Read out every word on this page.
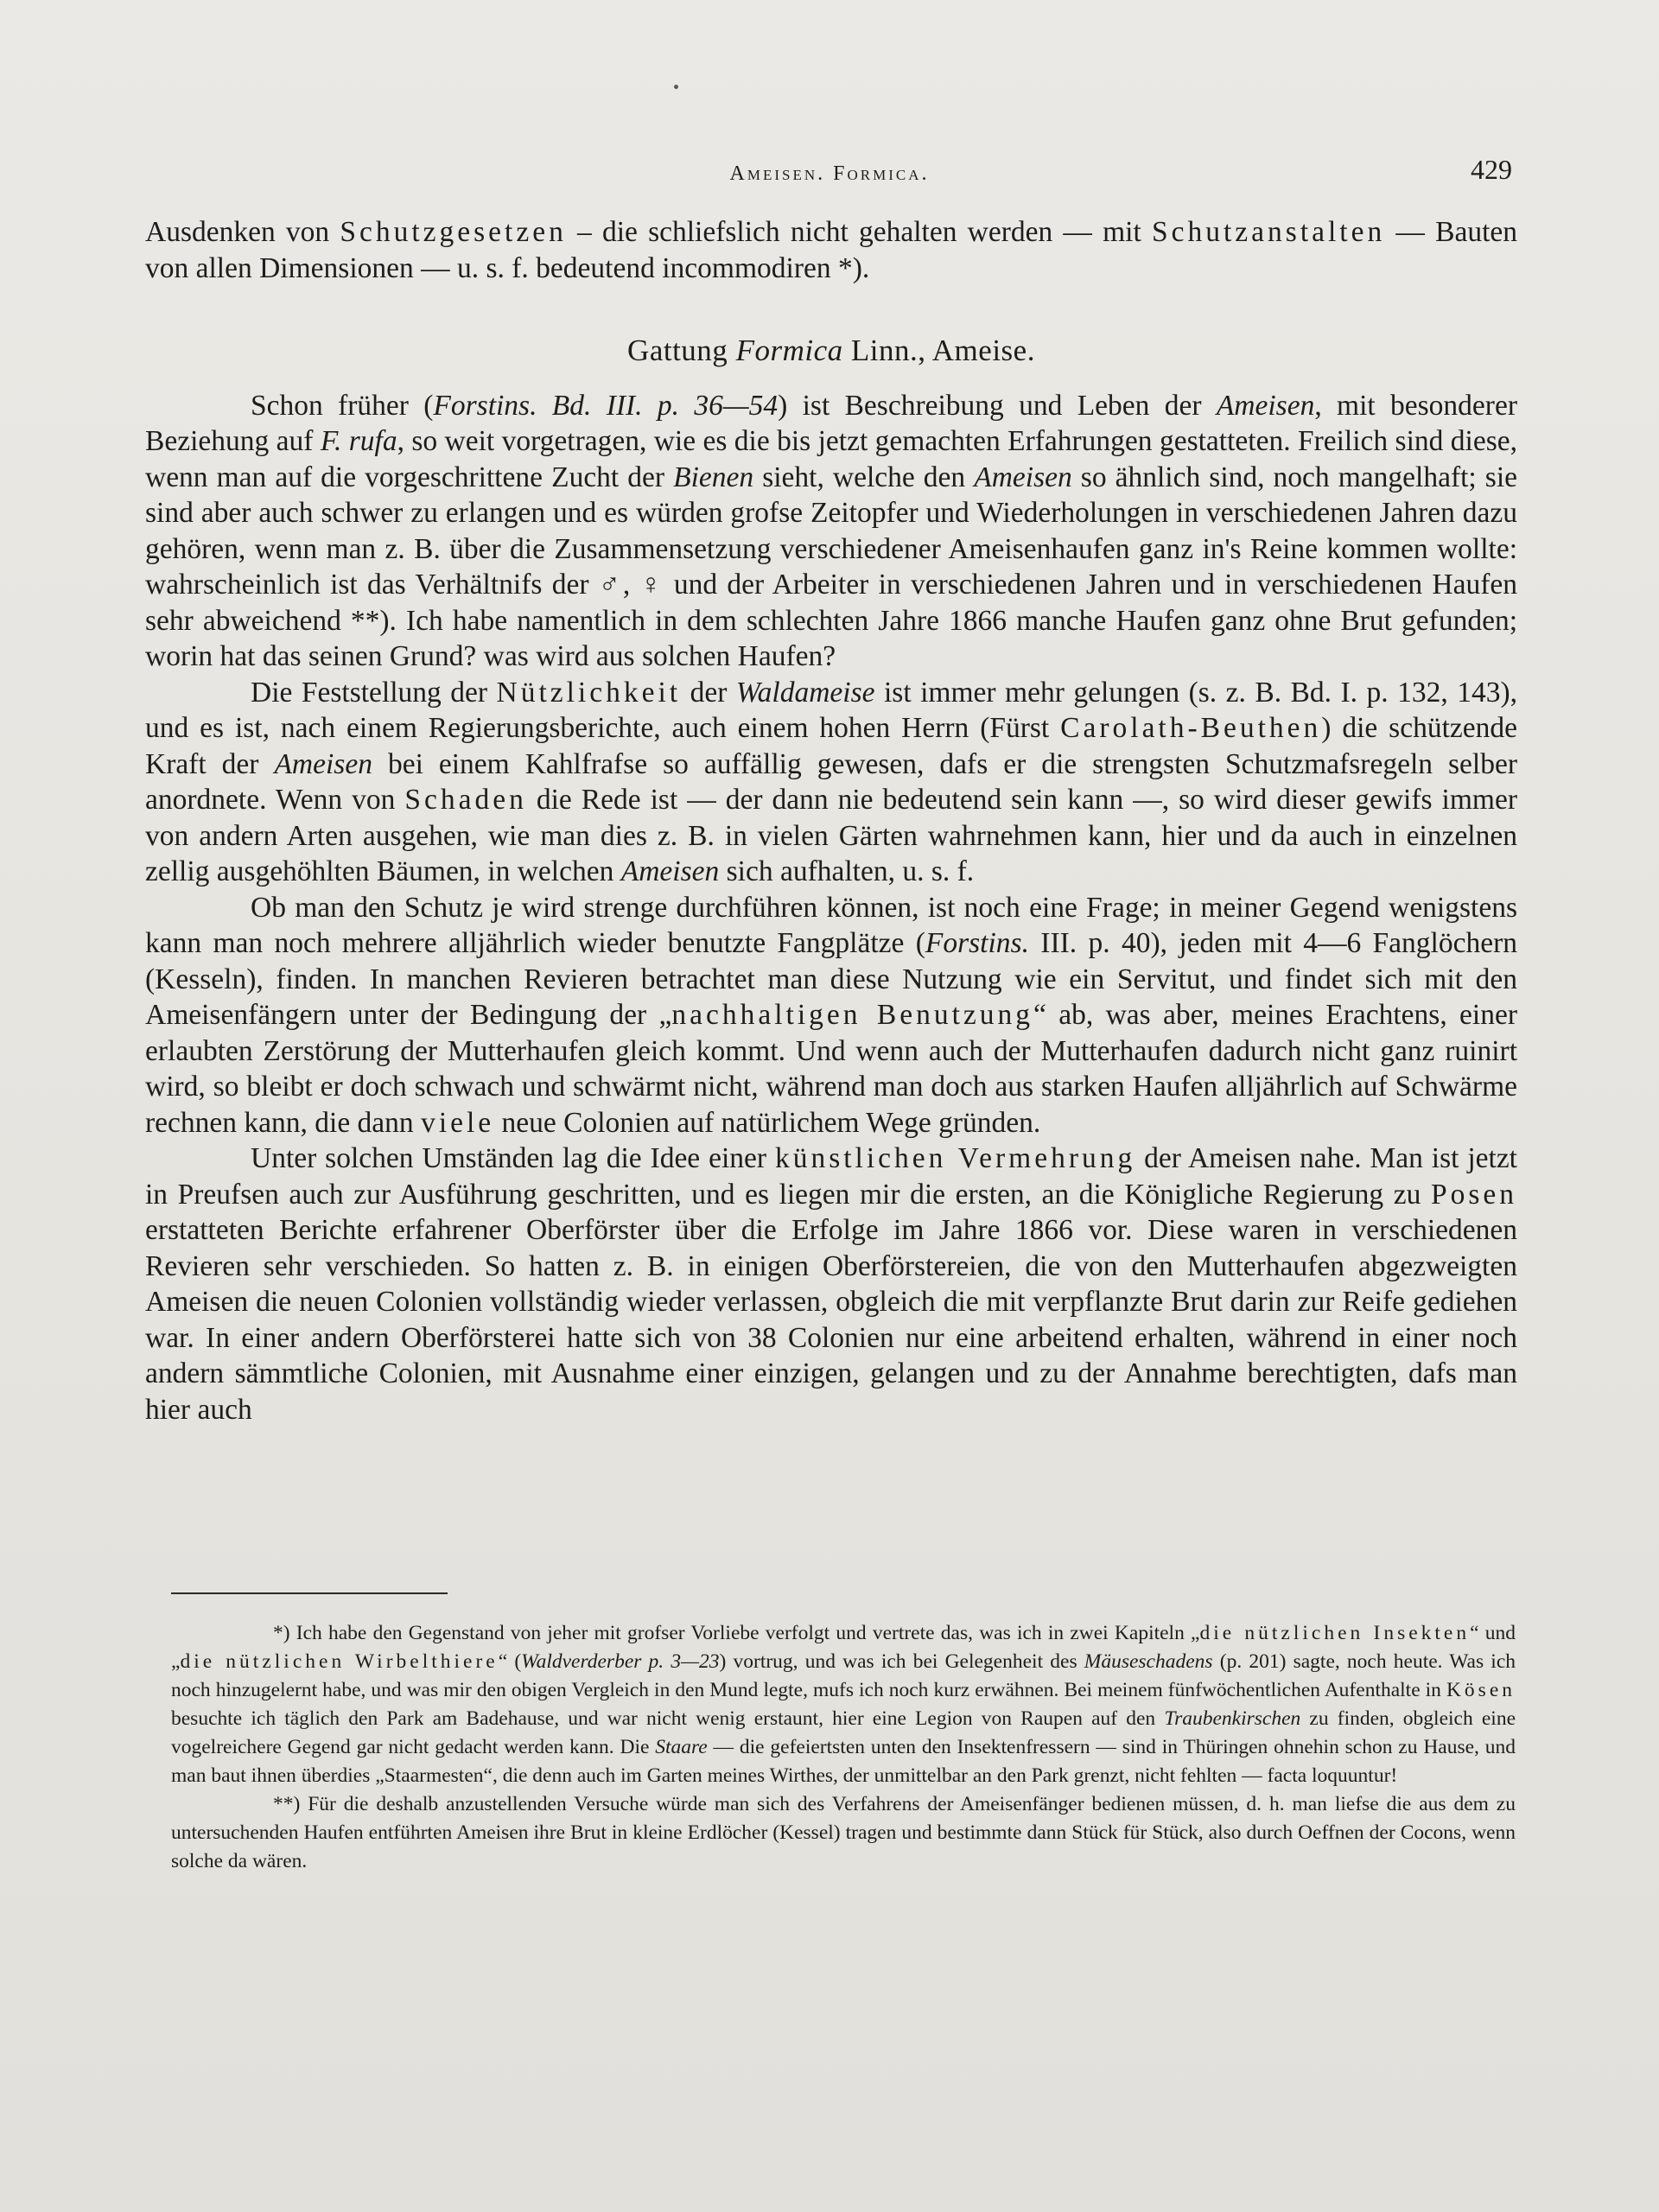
Ameisen. Formica.	429

Ausdenken von Schutzgesetzen – die schliefslich nicht gehalten werden — mit Schutzanstalten — Bauten von allen Dimensionen — u. s. f. bedeutend incommodiren *).

Gattung Formica Linn., Ameise.

Schon früher (Forstins. Bd. III. p. 36—54) ist Beschreibung und Leben der Ameisen, mit besonderer Beziehung auf F. rufa, so weit vorgetragen, wie es die bis jetzt gemachten Erfahrungen gestatteten. Freilich sind diese, wenn man auf die vorgeschrittene Zucht der Bienen sieht, welche den Ameisen so ähnlich sind, noch mangelhaft; sie sind aber auch schwer zu erlangen und es würden grofse Zeitopfer und Wiederholungen in verschiedenen Jahren dazu gehören, wenn man z. B. über die Zusammensetzung verschiedener Ameisenhaufen ganz in's Reine kommen wollte: wahrscheinlich ist das Verhältnifs der ♂, ♀ und der Arbeiter in verschiedenen Jahren und in verschiedenen Haufen sehr abweichend **). Ich habe namentlich in dem schlechten Jahre 1866 manche Haufen ganz ohne Brut gefunden; worin hat das seinen Grund? was wird aus solchen Haufen?

Die Feststellung der Nützlichkeit der Waldameise ist immer mehr gelungen (s. z. B. Bd. I. p. 132, 143), und es ist, nach einem Regierungsberichte, auch einem hohen Herrn (Fürst Carolath-Beuthen) die schützende Kraft der Ameisen bei einem Kahlfrafse so auffällig gewesen, dafs er die strengsten Schutzmafsregeln selber anordnete. Wenn von Schaden die Rede ist — der dann nie bedeutend sein kann —, so wird dieser gewifs immer von andern Arten ausgehen, wie man dies z. B. in vielen Gärten wahrnehmen kann, hier und da auch in einzelnen zellig ausgehöhlten Bäumen, in welchen Ameisen sich aufhalten, u. s. f.

Ob man den Schutz je wird strenge durchführen können, ist noch eine Frage; in meiner Gegend wenigstens kann man noch mehrere alljährlich wieder benutzte Fangplätze (Forstins. III. p. 40), jeden mit 4—6 Fanglöchern (Kesseln), finden. In manchen Revieren betrachtet man diese Nutzung wie ein Servitut, und findet sich mit den Ameisenfängern unter der Bedingung der „nachhaltigen Benutzung“ ab, was aber, meines Erachtens, einer erlaubten Zerstörung der Mutterhaufen gleich kommt. Und wenn auch der Mutterhaufen dadurch nicht ganz ruinirt wird, so bleibt er doch schwach und schwärmt nicht, während man doch aus starken Haufen alljährlich auf Schwärme rechnen kann, die dann viele neue Colonien auf natürlichem Wege gründen.

Unter solchen Umständen lag die Idee einer künstlichen Vermehrung der Ameisen nahe. Man ist jetzt in Preufsen auch zur Ausführung geschritten, und es liegen mir die ersten, an die Königliche Regierung zu Posen erstatteten Berichte erfahrener Oberförster über die Erfolge im Jahre 1866 vor. Diese waren in verschiedenen Revieren sehr verschieden. So hatten z. B. in einigen Oberförstereien, die von den Mutterhaufen abgezweigten Ameisen die neuen Colonien vollständig wieder verlassen, obgleich die mit verpflanzte Brut darin zur Reife gediehen war. In einer andern Oberförsterei hatte sich von 38 Colonien nur eine arbeitend erhalten, während in einer noch andern sämmtliche Colonien, mit Ausnahme einer einzigen, gelangen und zu der Annahme berechtigten, dafs man hier auch

*) Ich habe den Gegenstand von jeher mit grofser Vorliebe verfolgt und vertrete das, was ich in zwei Kapiteln „die nützlichen Insekten“ und „die nützlichen Wirbelthiere“ (Waldverderber p. 3—23) vortrug, und was ich bei Gelegenheit des Mäuseschadens (p. 201) sagte, noch heute. Was ich noch hinzugelernt habe, und was mir den obigen Vergleich in den Mund legte, mufs ich noch kurz erwähnen. Bei meinem fünfwöchentlichen Aufenthalte in Kösen besuchte ich täglich den Park am Badehause, und war nicht wenig erstaunt, hier eine Legion von Raupen auf den Traubenkirschen zu finden, obgleich eine vogelreichere Gegend gar nicht gedacht werden kann. Die Staare — die gefeiertsten unten den Insektenfressern — sind in Thüringen ohnehin schon zu Hause, und man baut ihnen überdies „Staarmesten“, die denn auch im Garten meines Wirthes, der unmittelbar an den Park grenzt, nicht fehlten — facta loquuntur!

**) Für die deshalb anzustellenden Versuche würde man sich des Verfahrens der Ameisenfänger bedienen müssen, d. h. man liefse die aus dem zu untersuchenden Haufen entführten Ameisen ihre Brut in kleine Erdlöcher (Kessel) tragen und bestimmte dann Stück für Stück, also durch Oeffnen der Cocons, wenn solche da wären.
